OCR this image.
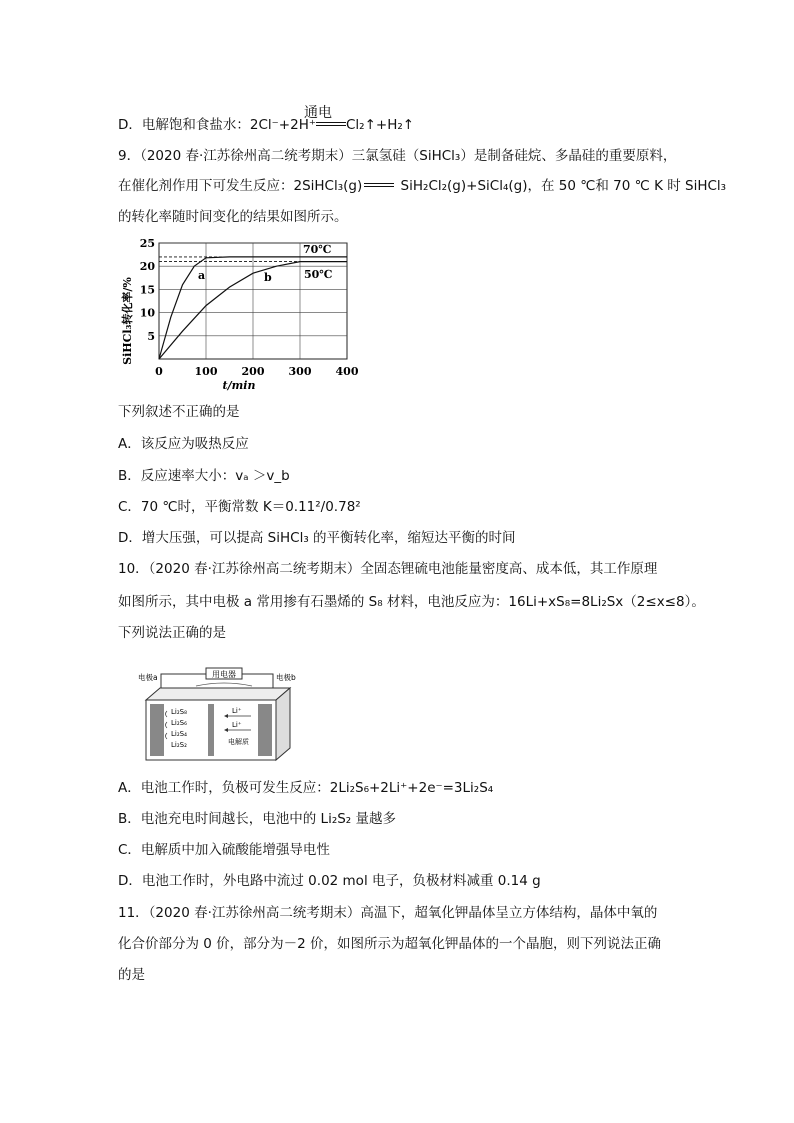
D．电解饱和食盐水：2Cl⁻+2H⁺ Cl₂↑+H₂↑
通电
9．（2020 春·江苏徐州高二统考期末）三氯氢硅（SiHCl₃）是制备硅烷、多晶硅的重要原料，
在催化剂作用下可发生反应：2SiHCl₃(g)	SiH₂Cl₂(g)+SiCl₄(g)，在 50 ℃和 70 ℃ K 时 SiHCl₃
的转化率随时间变化的结果如图所示。
5
10
15
20
25
0	100 200 300 400
SiHCl₃转化率/%
t/min
70℃
50℃
a	b
下列叙述不正确的是
A．该反应为吸热反应
B．反应速率大小：vₐ ＞v_b
C．70 ℃时，平衡常数 K＝0.11²/0.78²
D．增大压强，可以提高 SiHCl₃ 的平衡转化率，缩短达平衡的时间
10．（2020 春·江苏徐州高二统考期末）全固态锂硫电池能量密度高、成本低，其工作原理
如图所示，其中电极 a 常用掺有石墨烯的 S₈ 材料，电池反应为：16Li+xS₈=8Li₂Sx（2≤x≤8）。
下列说法正确的是
用电器
电极a	电极b
Li₂S₈
Li₂S₆
Li₂S₄
Li₂S₂
Li⁺
Li⁺
电解质
A．电池工作时，负极可发生反应：2Li₂S₆+2Li⁺+2e⁻=3Li₂S₄
B．电池充电时间越长，电池中的 Li₂S₂ 量越多
C．电解质中加入硫酸能增强导电性
D．电池工作时，外电路中流过 0.02 mol 电子，负极材料减重 0.14 g
11．（2020 春·江苏徐州高二统考期末）高温下，超氧化钾晶体呈立方体结构，晶体中氧的
化合价部分为 0 价，部分为－2 价，如图所示为超氧化钾晶体的一个晶胞，则下列说法正确
的是
